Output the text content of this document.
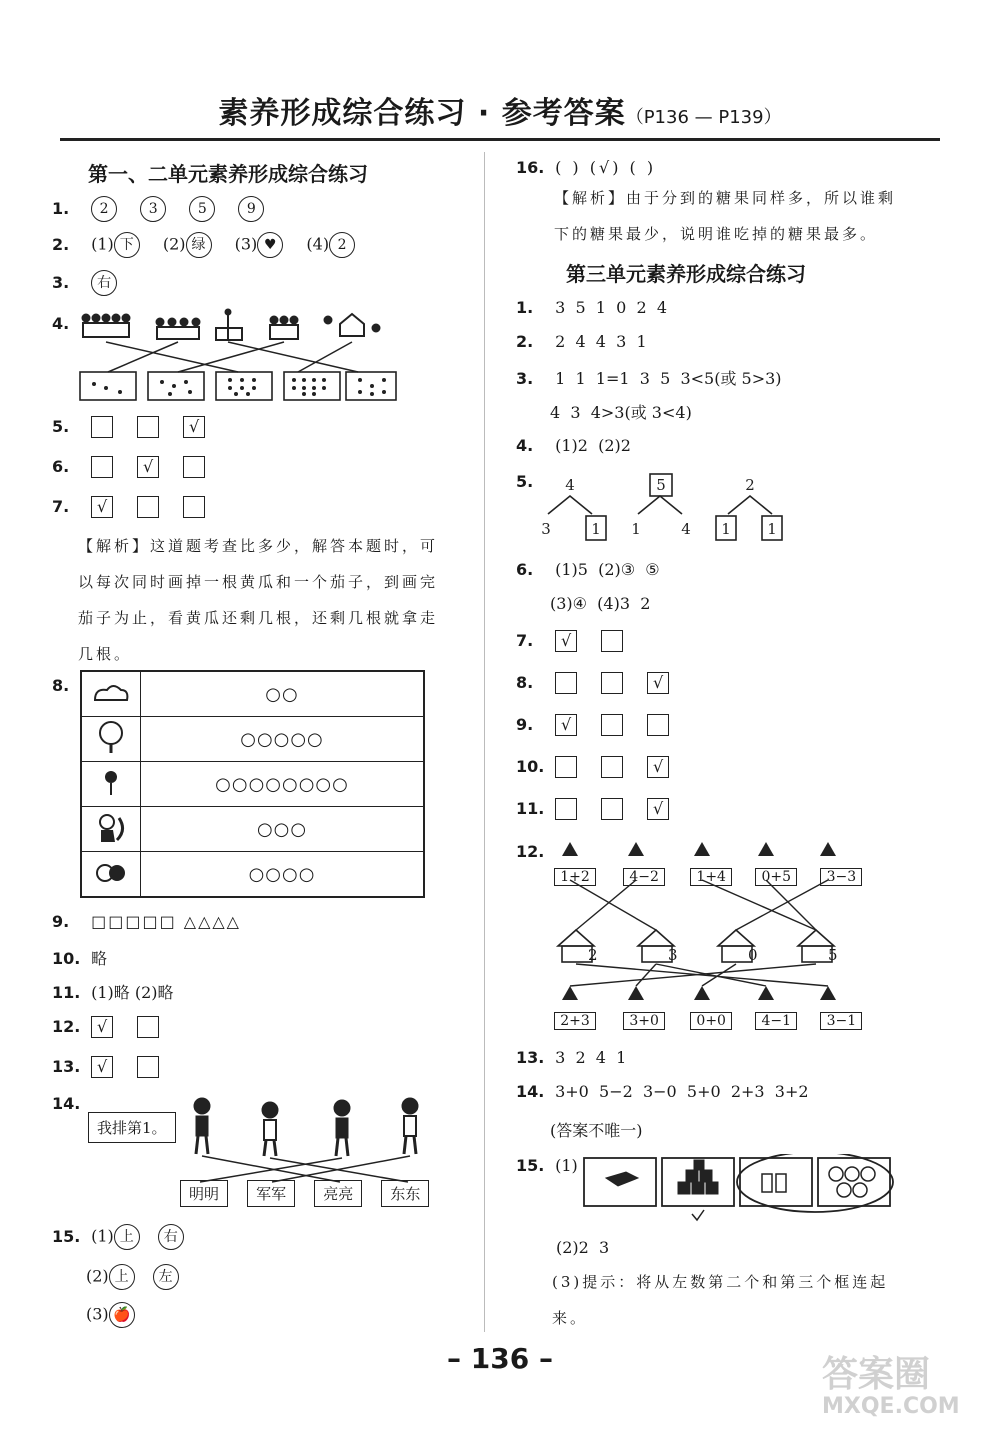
素养形成综合练习 · 参考答案（P136 — P139）
第一、二单元素养形成综合练习
1. 2	3	5	9
2. (1) 下 (2) 绿 (3) ♥ (4) 2
3. 右
4.
5.	√
6.	√
7. √
【解析】这道题考查比多少，解答本题时，可以每次同时画掉一根黄瓜和一个茄子，到画完茄子为止，看黄瓜还剩几根，还剩几根就拿走几根。
8.
		○○
	○○○○○
	○○○○○○○○
	○○○
	○○○○
9. □□□□□ △△△△
10. 略
11. (1)略 (2)略
12. √
13. √
14.
我排第1。
明明 军军 亮亮 东东
15. (1) 上 右
(2) 上 左
(3) 🍎
16. ( ) (√) ( )
【解析】由于分到的糖果同样多，所以谁剩下的糖果最少，说明谁吃掉的糖果最多。
第三单元素养形成综合练习
1. 3  5  1  0  2  4
2. 2  4  4  3  1
3. 1  1  1=1  3  5  3<5(或 5>3)
4  3  4>3(或 3<4)
4. (1)2  (2)2
5.	4
3	1
5
1	4
2
1 1
6. (1)5  (2)③  ⑤
(3)④  (4)3  2
7. √
8.	√
9. √
10.	√
11.	√
12.
1+2	4−2	1+4	0+5	3−3
2	3	0	5
2+3	3+0	0+0	4−1	3−1
13. 3  2  4  1
14. 3+0  5−2  3−0  5+0  2+3  3+2
(答案不唯一)
15. (1)
(2)2  3
(3)提示：将从左数第二个和第三个框连起来。
– 136 –	答案圈
MXQE.COM
